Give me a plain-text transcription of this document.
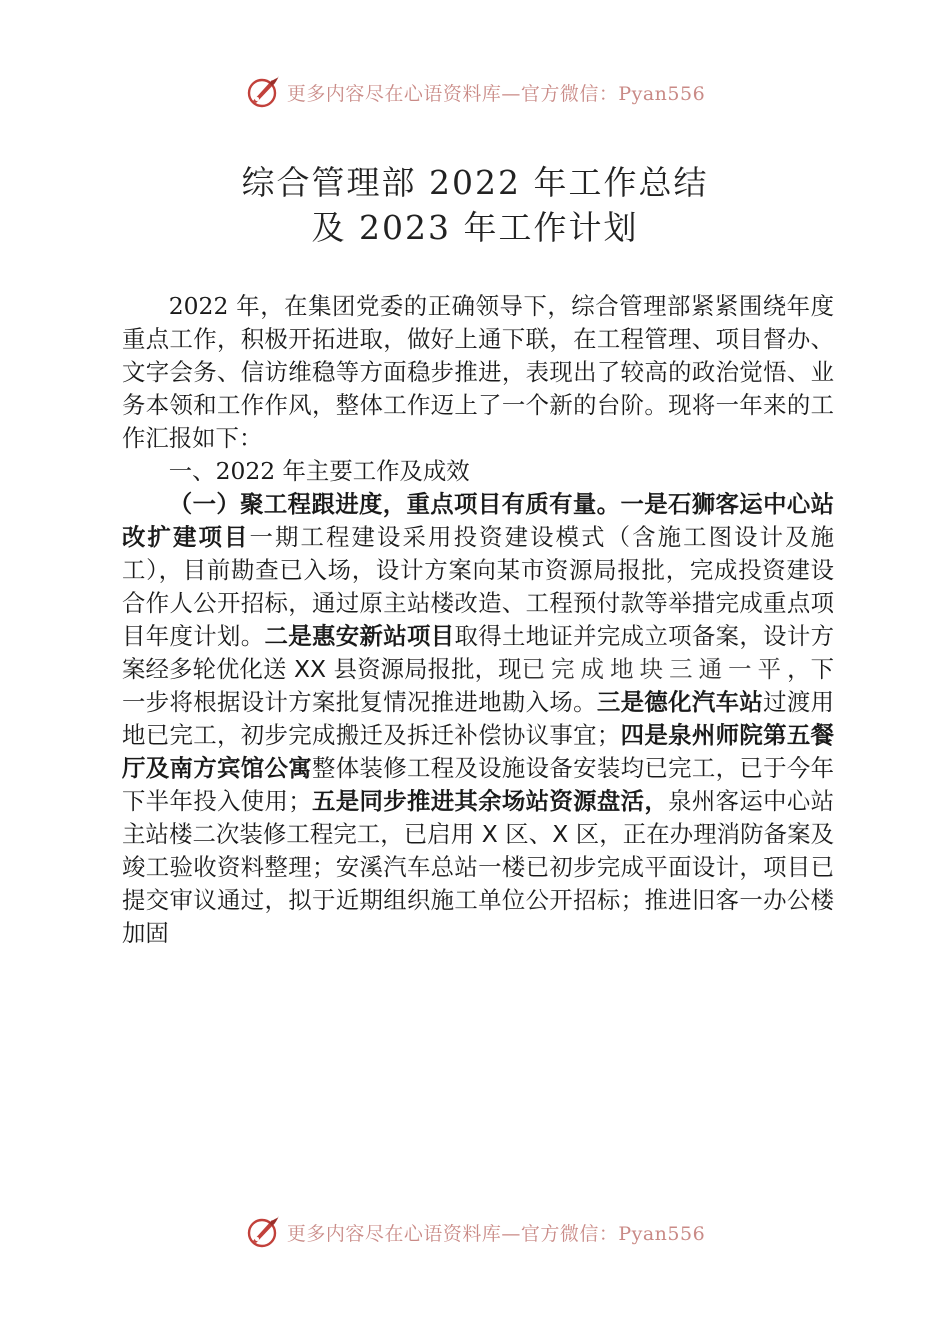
更多内容尽在心语资料库—官方微信：Pyan556
综合管理部 2022 年工作总结
及 2023 年工作计划

2022 年，在集团党委的正确领导下，综合管理部紧紧围绕年度重点工作，积极开拓进取，做好上通下联，在工程管理、项目督办、文字会务、信访维稳等方面稳步推进，表现出了较高的政治觉悟、业务本领和工作作风，整体工作迈上了一个新的台阶。现将一年来的工作汇报如下：

一、2022 年主要工作及成效

（一）聚工程跟进度，重点项目有质有量。一是石狮客运中心站改扩建项目一期工程建设采用投资建设模式（含施工图设计及施工），目前勘查已入场，设计方案向某市资源局报批，完成投资建设合作人公开招标，通过原主站楼改造、工程预付款等举措完成重点项目年度计划。二是惠安新站项目取得土地证并完成立项备案，设计方案经多轮优化送 XX 县资源局报批，现已完成地块三通一平，下一步将根据设计方案批复情况推进地勘入场。三是德化汽车站过渡用地已完工，初步完成搬迁及拆迁补偿协议事宜；四是泉州师院第五餐厅及南方宾馆公寓整体装修工程及设施设备安装均已完工，已于今年下半年投入使用；五是同步推进其余场站资源盘活，泉州客运中心站主站楼二次装修工程完工，已启用 X 区、X 区，正在办理消防备案及竣工验收资料整理；安溪汽车总站一楼已初步完成平面设计，项目已提交审议通过，拟于近期组织施工单位公开招标；推进旧客一办公楼加固

更多内容尽在心语资料库—官方微信：Pyan556
